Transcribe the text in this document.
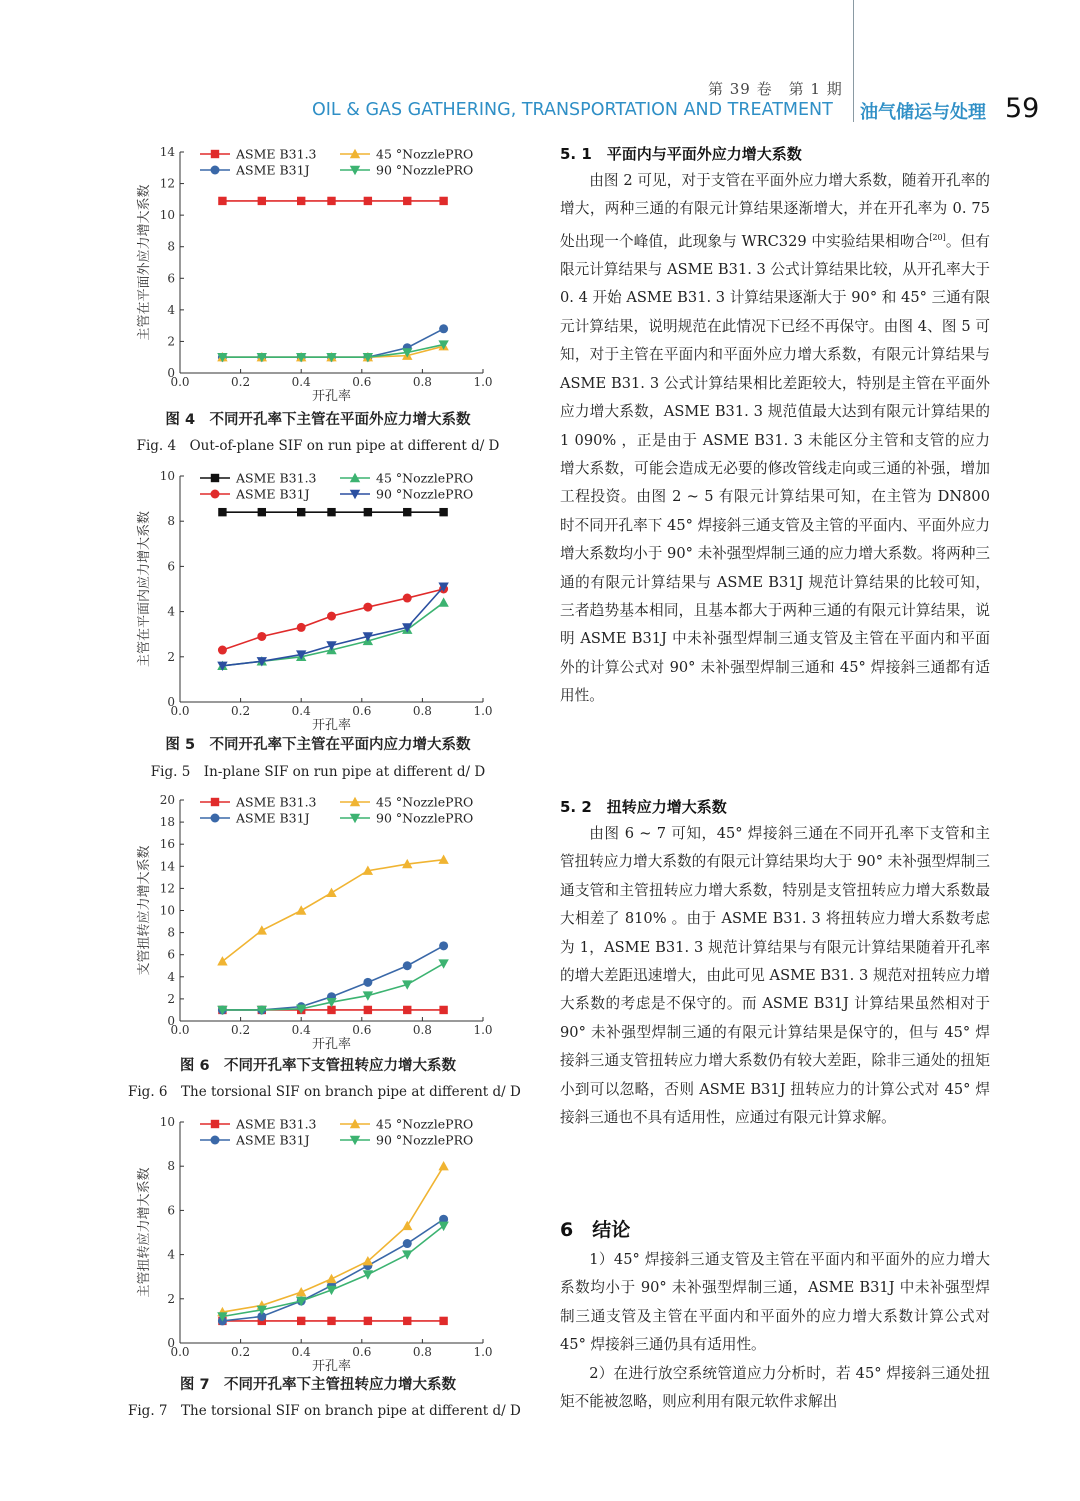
第 39 卷　第 1 期
OIL & GAS GATHERING, TRANSPORTATION AND TREATMENT 油气储运与处理 59
0.0	0.2	0.4	0.6	0.8	1.0
0
2
4
6
8
10
12
14
开孔率
主管在平面外应力增大系数
ASME B31.3
ASME B31J
45 °NozzlePRO
90 °NozzlePRO
图 4　不同开孔率下主管在平面外应力增大系数
Fig. 4　Out-of-plane SIF on run pipe at different d/ D
0.0	0.2	0.4	0.6	0.8	1.0
0
2
4
6
8
10
开孔率
主管在平面内应力增大系数
ASME B31.3
ASME B31J
45 °NozzlePRO
90 °NozzlePRO
图 5　不同开孔率下主管在平面内应力增大系数
Fig. 5　In-plane SIF on run pipe at different d/ D
0.0	0.2	0.4	0.6	0.8	1.0
0
2
4
6
8
10
12
14
16
18
20
开孔率
支管扭转应力增大系数
ASME B31.3
ASME B31J
45 °NozzlePRO
90 °NozzlePRO
图 6　不同开孔率下支管扭转应力增大系数
Fig. 6　The torsional SIF on branch pipe at different d/ D
0.0	0.2	0.4	0.6	0.8	1.0
0
2
4
6
8
10
开孔率
主管扭转应力增大系数
ASME B31.3
ASME B31J
45 °NozzlePRO
90 °NozzlePRO
图 7　不同开孔率下主管扭转应力增大系数
Fig. 7　The torsional SIF on branch pipe at different d/ D
5. 1　平面内与平面外应力增大系数

由图 2 可见，对于支管在平面外应力增大系数，随着开孔率的增大，两种三通的有限元计算结果逐渐增大，并在开孔率为 0. 75 处出现一个峰值，此现象与 WRC329 中实验结果相吻合[20]。但有限元计算结果与 ASME B31. 3 公式计算结果比较，从开孔率大于 0. 4 开始 ASME B31. 3 计算结果逐渐大于 90° 和 45° 三通有限元计算结果，说明规范在此情况下已经不再保守。由图 4、图 5 可知，对于主管在平面内和平面外应力增大系数，有限元计算结果与 ASME B31. 3 公式计算结果相比差距较大，特别是主管在平面外应力增大系数，ASME B31. 3 规范值最大达到有限元计算结果的 1 090% ，正是由于 ASME B31. 3 未能区分主管和支管的应力增大系数，可能会造成无必要的修改管线走向或三通的补强，增加工程投资。由图 2 ~ 5 有限元计算结果可知，在主管为 DN800 时不同开孔率下 45° 焊接斜三通支管及主管的平面内、平面外应力增大系数均小于 90° 未补强型焊制三通的应力增大系数。将两种三通的有限元计算结果与 ASME B31J 规范计算结果的比较可知，三者趋势基本相同，且基本都大于两种三通的有限元计算结果，说明 ASME B31J 中未补强型焊制三通支管及主管在平面内和平面外的计算公式对 90° 未补强型焊制三通和 45° 焊接斜三通都有适用性。

5. 2　扭转应力增大系数

由图 6 ~ 7 可知，45° 焊接斜三通在不同开孔率下支管和主管扭转应力增大系数的有限元计算结果均大于 90° 未补强型焊制三通支管和主管扭转应力增大系数，特别是支管扭转应力增大系数最大相差了 810% 。由于 ASME B31. 3 将扭转应力增大系数考虑为 1，ASME B31. 3 规范计算结果与有限元计算结果随着开孔率的增大差距迅速增大，由此可见 ASME B31. 3 规范对扭转应力增大系数的考虑是不保守的。而 ASME B31J 计算结果虽然相对于 90° 未补强型焊制三通的有限元计算结果是保守的，但与 45° 焊接斜三通支管扭转应力增大系数仍有较大差距，除非三通处的扭矩小到可以忽略，否则 ASME B31J 扭转应力的计算公式对 45° 焊接斜三通也不具有适用性，应通过有限元计算求解。

6　结论

1）45° 焊接斜三通支管及主管在平面内和平面外的应力增大系数均小于 90° 未补强型焊制三通，ASME B31J 中未补强型焊制三通支管及主管在平面内和平面外的应力增大系数计算公式对 45° 焊接斜三通仍具有适用性。

2）在进行放空系统管道应力分析时，若 45° 焊接斜三通处扭矩不能被忽略，则应利用有限元软件求解出
